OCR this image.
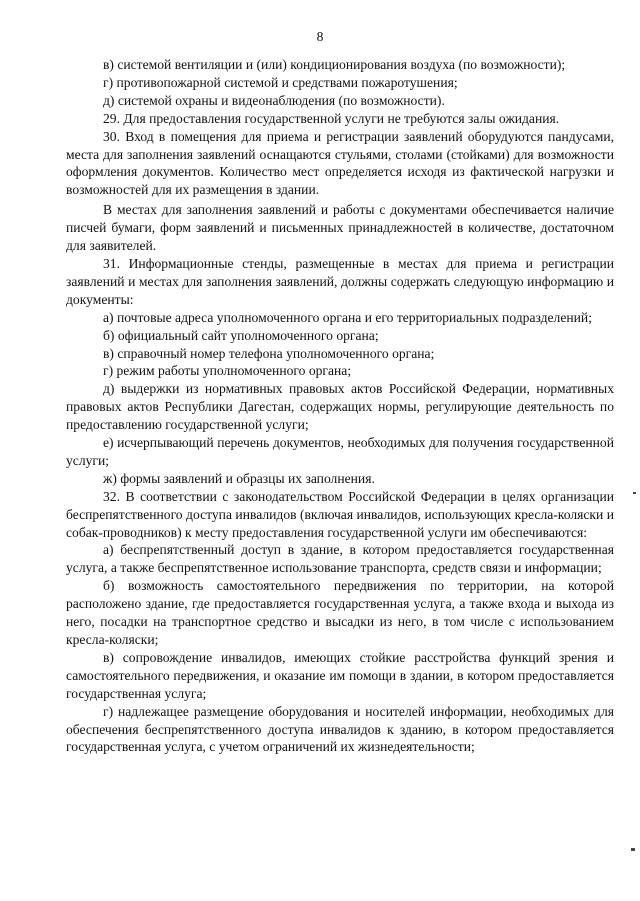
8

в) системой вентиляции и (или) кондиционирования воздуха (по возможности);

г) противопожарной системой и средствами пожаротушения;

д) системой охраны и видеонаблюдения (по возможности).

29. Для предоставления государственной услуги не требуются залы ожидания.

30. Вход в помещения для приема и регистрации заявлений оборудуются пандусами, места для заполнения заявлений оснащаются стульями, столами (стойками) для возможности оформления документов. Количество мест определяется исходя из фактической нагрузки и возможностей для их размещения в здании.

В местах для заполнения заявлений и работы с документами обеспечивается наличие писчей бумаги, форм заявлений и письменных принадлежностей в количестве, достаточном для заявителей.

31. Информационные стенды, размещенные в местах для приема и регистрации заявлений и местах для заполнения заявлений, должны содержать следующую информацию и документы:

а) почтовые адреса уполномоченного органа и его территориальных подразделений;

б) официальный сайт уполномоченного органа;

в) справочный номер телефона уполномоченного органа;

г) режим работы уполномоченного органа;

д) выдержки из нормативных правовых актов Российской Федерации, нормативных правовых актов Республики Дагестан, содержащих нормы, регулирующие деятельность по предоставлению государственной услуги;

е) исчерпывающий перечень документов, необходимых для получения государственной услуги;

ж) формы заявлений и образцы их заполнения.

32. В соответствии с законодательством Российской Федерации в целях организации беспрепятственного доступа инвалидов (включая инвалидов, использующих кресла-коляски и собак-проводников) к месту предоставления государственной услуги им обеспечиваются:

а) беспрепятственный доступ в здание, в котором предоставляется государственная услуга, а также беспрепятственное использование транспорта, средств связи и информации;

б) возможность самостоятельного передвижения по территории, на которой расположено здание, где предоставляется государственная услуга, а также входа и выхода из него, посадки на транспортное средство и высадки из него, в том числе с использованием кресла-коляски;

в) сопровождение инвалидов, имеющих стойкие расстройства функций зрения и самостоятельного передвижения, и оказание им помощи в здании, в котором предоставляется государственная услуга;

г) надлежащее размещение оборудования и носителей информации, необходимых для обеспечения беспрепятственного доступа инвалидов к зданию, в котором предоставляется государственная услуга, с учетом ограничений их жизнедеятельности;
